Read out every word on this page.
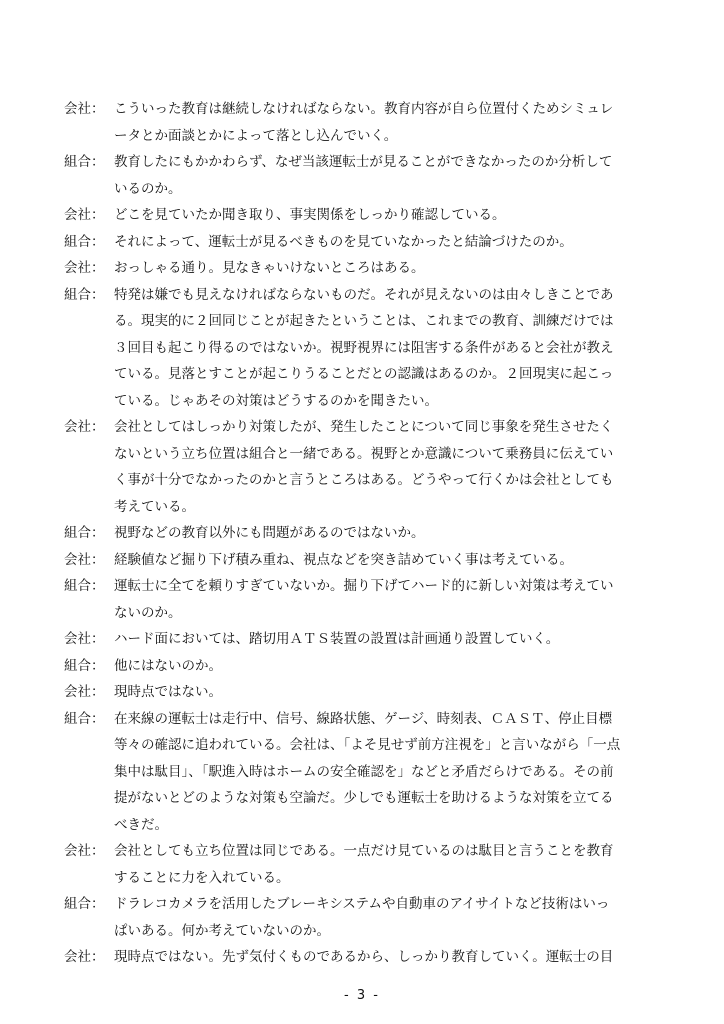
会社： こういった教育は継続しなければならない。教育内容が自ら位置付くためシミュレ
ータとか面談とかによって落とし込んでいく。
組合： 教育したにもかかわらず、なぜ当該運転士が見ることができなかったのか分析して
いるのか。
会社： どこを見ていたか聞き取り、事実関係をしっかり確認している。
組合： それによって、運転士が見るべきものを見ていなかったと結論づけたのか。
会社： おっしゃる通り。見なきゃいけないところはある。
組合： 特発は嫌でも見えなければならないものだ。それが見えないのは由々しきことであ
る。現実的に２回同じことが起きたということは、これまでの教育、訓練だけでは
３回目も起こり得るのではないか。視野視界には阻害する条件があると会社が教え
ている。見落とすことが起こりうることだとの認識はあるのか。２回現実に起こっ
ている。じゃあその対策はどうするのかを聞きたい。
会社： 会社としてはしっかり対策したが、発生したことについて同じ事象を発生させたく
ないという立ち位置は組合と一緒である。視野とか意識について乗務員に伝えてい
く事が十分でなかったのかと言うところはある。どうやって行くかは会社としても
考えている。
組合： 視野などの教育以外にも問題があるのではないか。
会社： 経験値など掘り下げ積み重ね、視点などを突き詰めていく事は考えている。
組合： 運転士に全てを頼りすぎていないか。掘り下げてハード的に新しい対策は考えてい
ないのか。
会社： ハード面においては、踏切用ＡＴＳ装置の設置は計画通り設置していく。
組合： 他にはないのか。
会社： 現時点ではない。
組合： 在来線の運転士は走行中、信号、線路状態、ゲージ、時刻表、ＣＡＳＴ、停止目標
等々の確認に追われている。会社は、「よそ見せず前方注視を」と言いながら「一点
集中は駄目」、「駅進入時はホームの安全確認を」などと矛盾だらけである。その前
提がないとどのような対策も空論だ。少しでも運転士を助けるような対策を立てる
べきだ。
会社： 会社としても立ち位置は同じである。一点だけ見ているのは駄目と言うことを教育
することに力を入れている。
組合： ドラレコカメラを活用したブレーキシステムや自動車のアイサイトなど技術はいっ
ぱいある。何か考えていないのか。
会社： 現時点ではない。先ず気付くものであるから、しっかり教育していく。運転士の目
- 3 -
